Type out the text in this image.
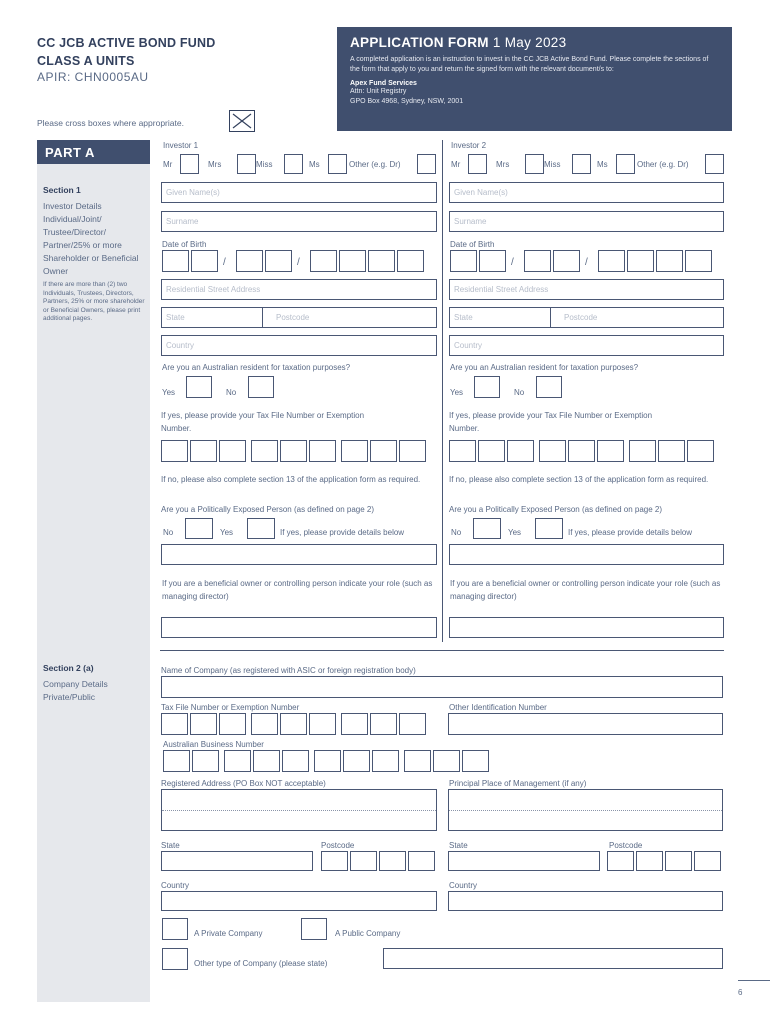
CC JCB ACTIVE BOND FUND
CLASS A UNITS
APIR: CHN0005AU
Please cross boxes where appropriate.
APPLICATION FORM 1 May 2023
A completed application is an instruction to invest in the CC JCB Active Bond Fund. Please complete the sections of the form that apply to you and return the signed form with the relevant document/s to:
Apex Fund Services
Attn: Unit Registry
GPO Box 4968, Sydney, NSW, 2001
PART A
Section 1
Investor Details Individual/Joint/ Trustee/Director/ Partner/25% or more Shareholder or Beneficial Owner
If there are more than (2) two Individuals, Trustees, Directors, Partners, 25% or more shareholder or Beneficial Owners, please print additional pages.
Section 2 (a)
Company Details Private/Public
Investor 1
Mr	Mrs	Miss	Ms	Other (e.g. Dr)
Given Name(s)
Surname
Date of Birth
/	/
Residential Street Address
State	Postcode
Country
Are you an Australian resident for taxation purposes?
Yes	No
If yes, please provide your Tax File Number or Exemption Number.
If no, please also complete section 13 of the application form as required.
Are you a Politically Exposed Person (as defined on page 2)
No	Yes	If yes, please provide details below
If you are a beneficial owner or controlling person indicate your role (such as managing director)
Investor 2
Mr	Mrs	Miss	Ms	Other (e.g. Dr)
Given Name(s)
Surname
Date of Birth
/	/
Residential Street Address
State	Postcode
Country
Are you an Australian resident for taxation purposes?
Yes	No
If yes, please provide your Tax File Number or Exemption Number.
If no, please also complete section 13 of the application form as required.
Are you a Politically Exposed Person (as defined on page 2)
No	Yes	If yes, please provide details below
If you are a beneficial owner or controlling person indicate your role (such as managing director)
Name of Company (as registered with ASIC or foreign registration body)
Tax File Number or Exemption Number	Other Identification Number
Australian Business Number
Registered Address (PO Box NOT acceptable)	Principal Place of Management (if any)
State	Postcode	State	Postcode
Country	Country
A Private Company	A Public Company
Other type of Company (please state)
6
